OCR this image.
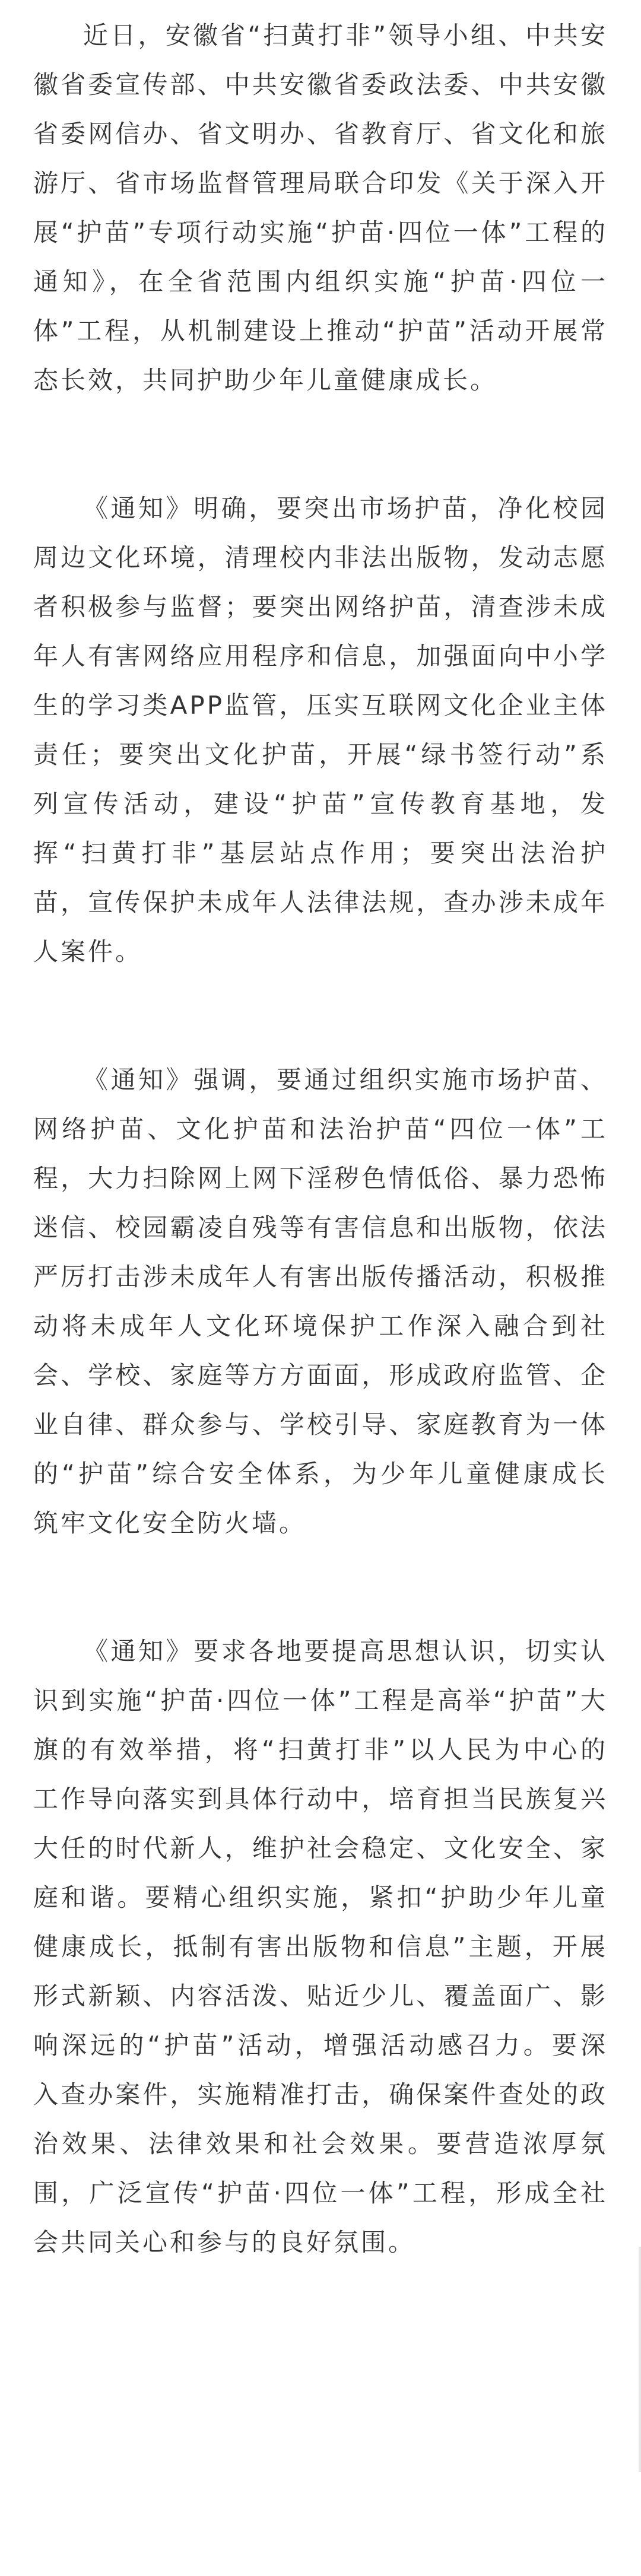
近日，安徽省“扫黄打非”领导小组、中共安徽省委宣传部、中共安徽省委政法委、中共安徽省委网信办、省文明办、省教育厅、省文化和旅游厅、省市场监督管理局联合印发《关于深入开展“护苗”专项行动实施“护苗·四位一体”工程的通知》，在全省范围内组织实施“护苗·四位一体”工程，从机制建设上推动“护苗”活动开展常态长效，共同护助少年儿童健康成长。

《通知》明确，要突出市场护苗，净化校园周边文化环境，清理校内非法出版物，发动志愿者积极参与监督；要突出网络护苗，清查涉未成年人有害网络应用程序和信息，加强面向中小学生的学习类APP监管，压实互联网文化企业主体责任；要突出文化护苗，开展“绿书签行动”系列宣传活动，建设“护苗”宣传教育基地，发挥“扫黄打非”基层站点作用；要突出法治护苗，宣传保护未成年人法律法规，查办涉未成年人案件。

《通知》强调，要通过组织实施市场护苗、网络护苗、文化护苗和法治护苗“四位一体”工程，大力扫除网上网下淫秽色情低俗、暴力恐怖迷信、校园霸凌自残等有害信息和出版物，依法严厉打击涉未成年人有害出版传播活动，积极推动将未成年人文化环境保护工作深入融合到社会、学校、家庭等方方面面，形成政府监管、企业自律、群众参与、学校引导、家庭教育为一体的“护苗”综合安全体系，为少年儿童健康成长筑牢文化安全防火墙。

《通知》要求各地要提高思想认识，切实认识到实施“护苗·四位一体”工程是高举“护苗”大旗的有效举措，将“扫黄打非”以人民为中心的工作导向落实到具体行动中，培育担当民族复兴大任的时代新人，维护社会稳定、文化安全、家庭和谐。要精心组织实施，紧扣“护助少年儿童健康成长，抵制有害出版物和信息”主题，开展形式新颖、内容活泼、贴近少儿、覆盖面广、影响深远的“护苗”活动，增强活动感召力。要深入查办案件，实施精准打击，确保案件查处的政治效果、法律效果和社会效果。要营造浓厚氛围，广泛宣传“护苗·四位一体”工程，形成全社会共同关心和参与的良好氛围。
